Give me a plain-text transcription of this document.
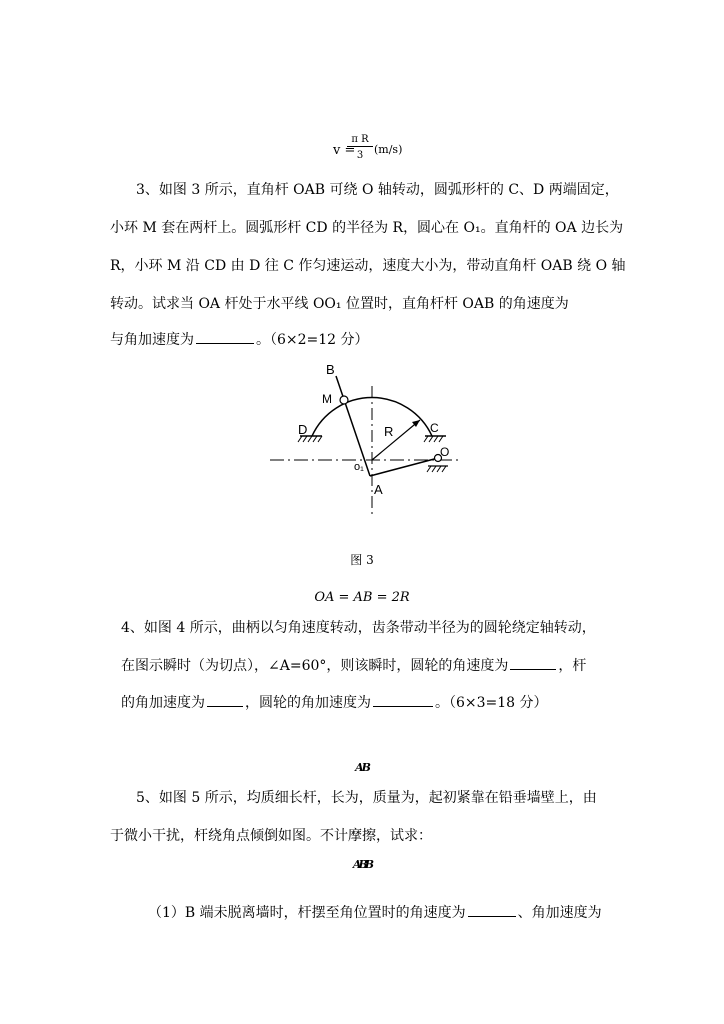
v =
π R
3 (m/s)
3、如图 3 所示，直角杆 OAB 可绕 O 轴转动，圆弧形杆的 C、D 两端固定，
小环 M 套在两杆上。圆弧形杆 CD 的半径为 R，圆心在 O₁。直角杆的 OA 边长为
R，小环 M 沿 CD 由 D 往 C 作匀速运动，速度大小为，带动直角杆 OAB 绕 O 轴
转动。试求当 OA 杆处于水平线 OO₁ 位置时，直角杆杆 OAB 的角速度为
与角加速度为	。（6×2=12 分）
B
M
D	R	C
o₁
O
A
图 3
OA = AB = 2R
4、如图 4 所示，曲柄以匀角速度转动，齿条带动半径为的圆轮绕定轴转动，
在图示瞬时（为切点），∠A=60°，则该瞬时，圆轮的角速度为	，杆
的角加速度为	，圆轮的角加速度为	。（6×3=18 分）
AB
5、如图 5 所示，均质细长杆，长为，质量为，起初紧靠在铅垂墙壁上，由
于微小干扰，杆绕角点倾倒如图。不计摩擦，试求：
ABB
（1）B 端未脱离墙时，杆摆至角位置时的角速度为	、角加速度为
